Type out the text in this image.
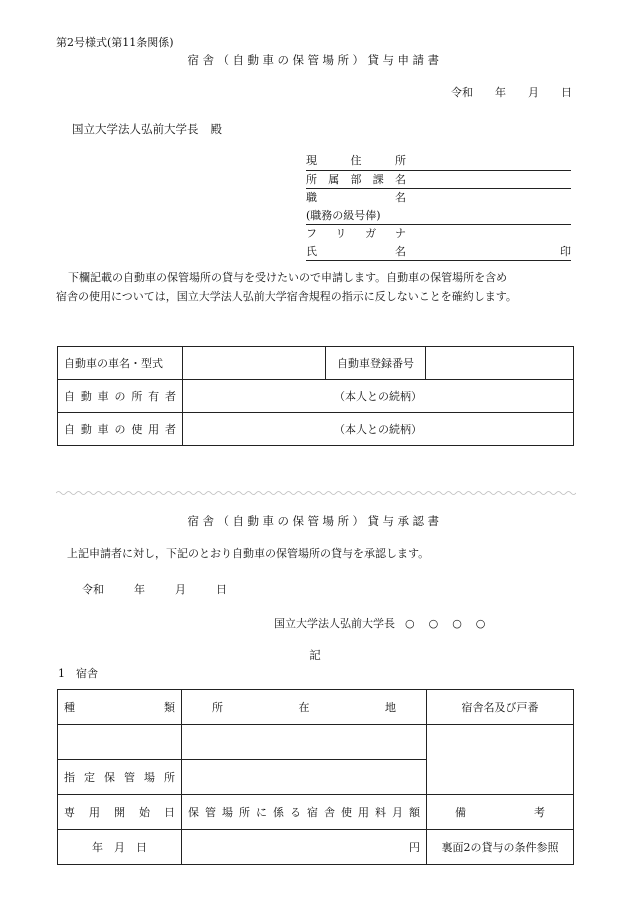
第2号様式(第11条関係)
宿舎（自動車の保管場所）貸与申請書
令和 年 月 日
国立大学法人弘前大学長 殿
現住所
所属部課名
職名
(職務の級号俸)
フリガナ
氏名	印

下欄記載の自動車の保管場所の貸与を受けたいので申請します。自動車の保管場所を含め

宿舎の使用については，国立大学法人弘前大学宿舎規程の指示に反しないことを確約します。

自動車の車名・型式		自動車登録番号	
自動車の所有者	（本人との続柄）		
自動車の使用者	（本人との続柄）		
宿舎（自動車の保管場所）貸与承認書
上記申請者に対し，下記のとおり自動車の保管場所の貸与を承認します。
令和	年	月	日
国立大学法人弘前大学長 ○○○○
記
1　宿舎
種類	所在地	宿舎名及び戸番

指定保管場所		
専用開始日	保管場所に係る宿舎使用料月額	備考
年　月　日	円	裏面2の貸与の条件参照
